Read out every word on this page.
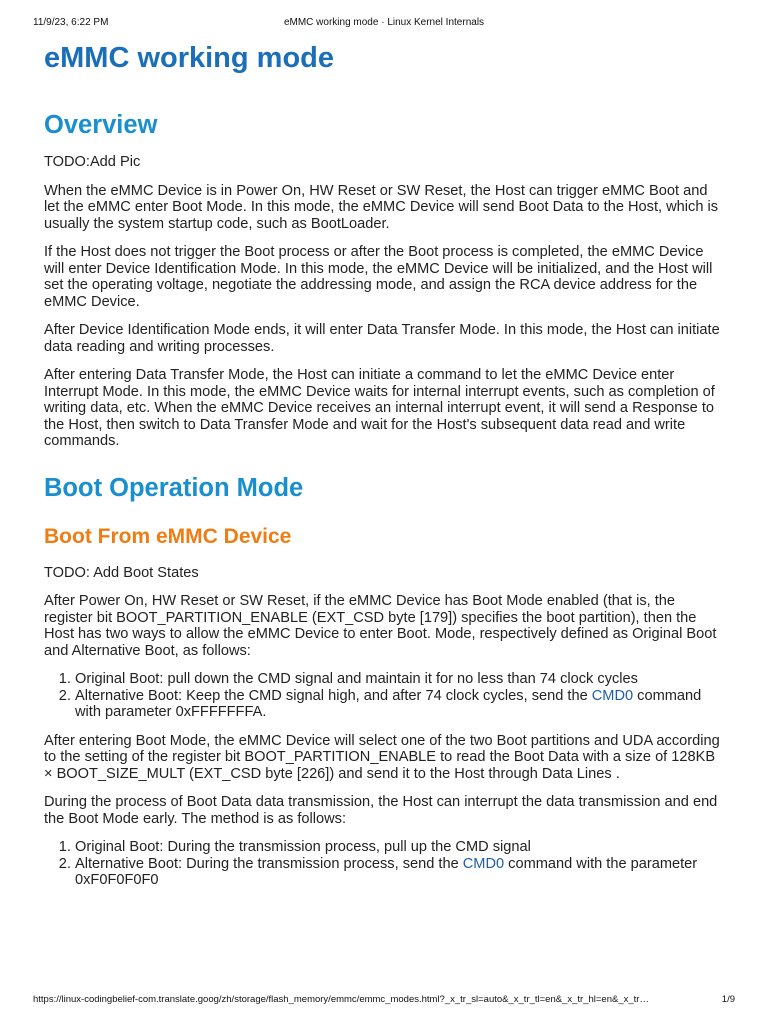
11/9/23, 6:22 PM	eMMC working mode · Linux Kernel Internals
eMMC working mode
Overview

TODO:Add Pic

When the eMMC Device is in Power On, HW Reset or SW Reset, the Host can trigger eMMC Boot and let the eMMC enter Boot Mode. In this mode, the eMMC Device will send Boot Data to the Host, which is usually the system startup code, such as BootLoader.

If the Host does not trigger the Boot process or after the Boot process is completed, the eMMC Device will enter Device Identification Mode. In this mode, the eMMC Device will be initialized, and the Host will set the operating voltage, negotiate the addressing mode, and assign the RCA device address for the eMMC Device.

After Device Identification Mode ends, it will enter Data Transfer Mode. In this mode, the Host can initiate data reading and writing processes.

After entering Data Transfer Mode, the Host can initiate a command to let the eMMC Device enter Interrupt Mode. In this mode, the eMMC Device waits for internal interrupt events, such as completion of writing data, etc. When the eMMC Device receives an internal interrupt event, it will send a Response to the Host, then switch to Data Transfer Mode and wait for the Host's subsequent data read and write commands.

Boot Operation Mode
Boot From eMMC Device

TODO: Add Boot States

After Power On, HW Reset or SW Reset, if the eMMC Device has Boot Mode enabled (that is, the register bit BOOT_PARTITION_ENABLE (EXT_CSD byte [179]) specifies the boot partition), then the Host has two ways to allow the eMMC Device to enter Boot. Mode, respectively defined as Original Boot and Alternative Boot, as follows:

1. Original Boot: pull down the CMD signal and maintain it for no less than 74 clock cycles
2. Alternative Boot: Keep the CMD signal high, and after 74 clock cycles, send the CMD0 command with parameter 0xFFFFFFFA.

After entering Boot Mode, the eMMC Device will select one of the two Boot partitions and UDA according to the setting of the register bit BOOT_PARTITION_ENABLE to read the Boot Data with a size of 128KB × BOOT_SIZE_MULT (EXT_CSD byte [226]) and send it to the Host through Data Lines .

During the process of Boot Data data transmission, the Host can interrupt the data transmission and end the Boot Mode early. The method is as follows:

1. Original Boot: During the transmission process, pull up the CMD signal
2. Alternative Boot: During the transmission process, send the CMD0 command with the parameter 0xF0F0F0F0
https://linux-codingbelief-com.translate.goog/zh/storage/flash_memory/emmc/emmc_modes.html?_x_tr_sl=auto&_x_tr_tl=en&_x_tr_hl=en&_x_tr…	1/9
